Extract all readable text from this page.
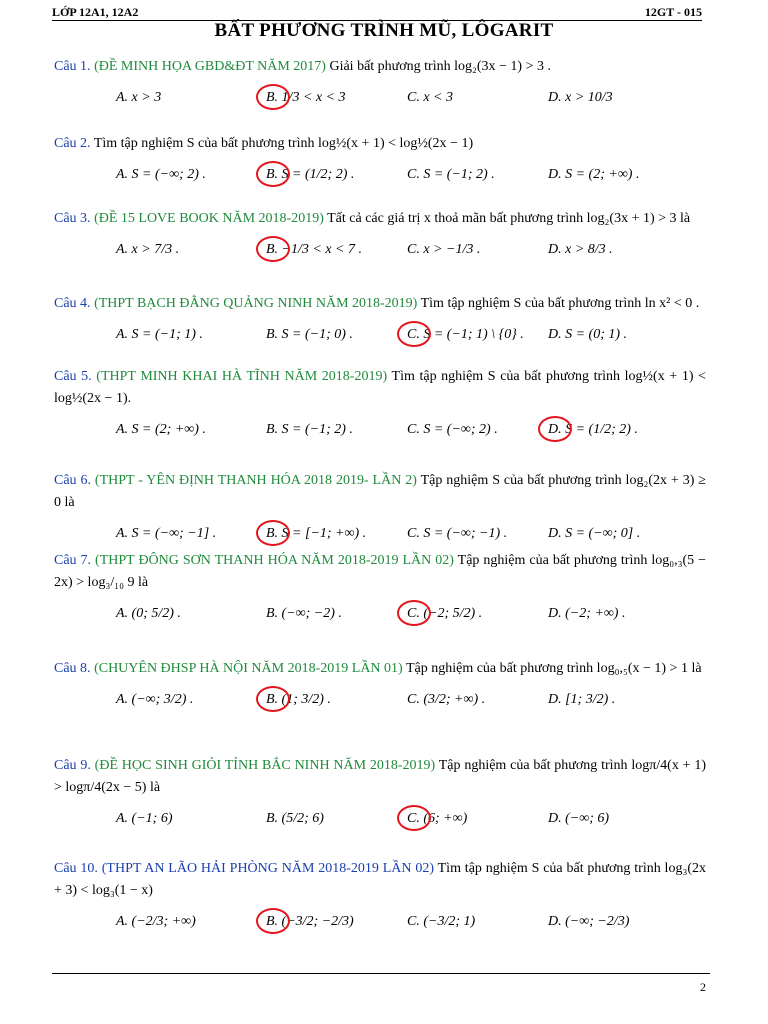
LỚP 12A1, 12A2	12GT - 015
BẤT PHƯƠNG TRÌNH MŨ, LÔGARIT
Câu 1. (ĐỀ MINH HỌA GBD&ĐT NĂM 2017) Giải bất phương trình log₂(3x − 1) > 3 .
A. x > 3	B. 1/3 < x < 3	C. x < 3	D. x > 10/3
Câu 2. Tìm tập nghiệm S của bất phương trình log½(x + 1) < log½(2x − 1)
A. S = (−∞; 2) .	B. S = (1/2; 2) .	C. S = (−1; 2) .	D. S = (2; +∞) .
Câu 3. (ĐỀ 15 LOVE BOOK NĂM 2018-2019) Tất cả các giá trị x thoả mãn bất phương trình log₂(3x + 1) > 3 là
A. x > 7/3 .	B. −1/3 < x < 7 .	C. x > −1/3 .	D. x > 8/3 .
Câu 4. (THPT BẠCH ĐẰNG QUẢNG NINH NĂM 2018-2019) Tìm tập nghiệm S của bất phương trình ln x² < 0 .
A. S = (−1; 1) .	B. S = (−1; 0) .	C. S = (−1; 1) \ {0} . D. S = (0; 1) .
Câu 5. (THPT MINH KHAI HÀ TĨNH NĂM 2018-2019) Tìm tập nghiệm S của bất phương trình log½(x + 1) < log½(2x − 1).
A. S = (2; +∞) .	B. S = (−1; 2) .	C. S = (−∞; 2) .	D. S = (1/2; 2) .
Câu 6. (THPT - YÊN ĐỊNH THANH HÓA 2018 2019- LẦN 2) Tập nghiệm S của bất phương trình log₂(2x + 3) ≥ 0 là
A. S = (−∞; −1] .	B. S = [−1; +∞) .	C. S = (−∞; −1) .	D. S = (−∞; 0] .
Câu 7. (THPT ĐÔNG SƠN THANH HÓA NĂM 2018-2019 LẦN 02) Tập nghiệm của bất phương trình log₀,₃(5 − 2x) > log₃/₁₀ 9 là
A. (0; 5/2) .	B. (−∞; −2) .	C. (−2; 5/2) .	D. (−2; +∞) .
Câu 8. (CHUYÊN ĐHSP HÀ NỘI NĂM 2018-2019 LẦN 01) Tập nghiệm của bất phương trình log₀,₅(x − 1) > 1 là
A. (−∞; 3/2) .	B. (1; 3/2) .	C. (3/2; +∞) .	D. [1; 3/2) .
Câu 9. (ĐỀ HỌC SINH GIỎI TỈNH BẮC NINH NĂM 2018-2019) Tập nghiệm của bất phương trình logπ/4(x + 1) > logπ/4(2x − 5) là
A. (−1; 6)	B. (5/2; 6)	C. (6; +∞)	D. (−∞; 6)
Câu 10. (THPT AN LÃO HẢI PHÒNG NĂM 2018-2019 LẦN 02) Tìm tập nghiệm S của bất phương trình log₃(2x + 3) < log₃(1 − x)
A. (−2/3; +∞)	B. (−3/2; −2/3)	C. (−3/2; 1)	D. (−∞; −2/3)
2
